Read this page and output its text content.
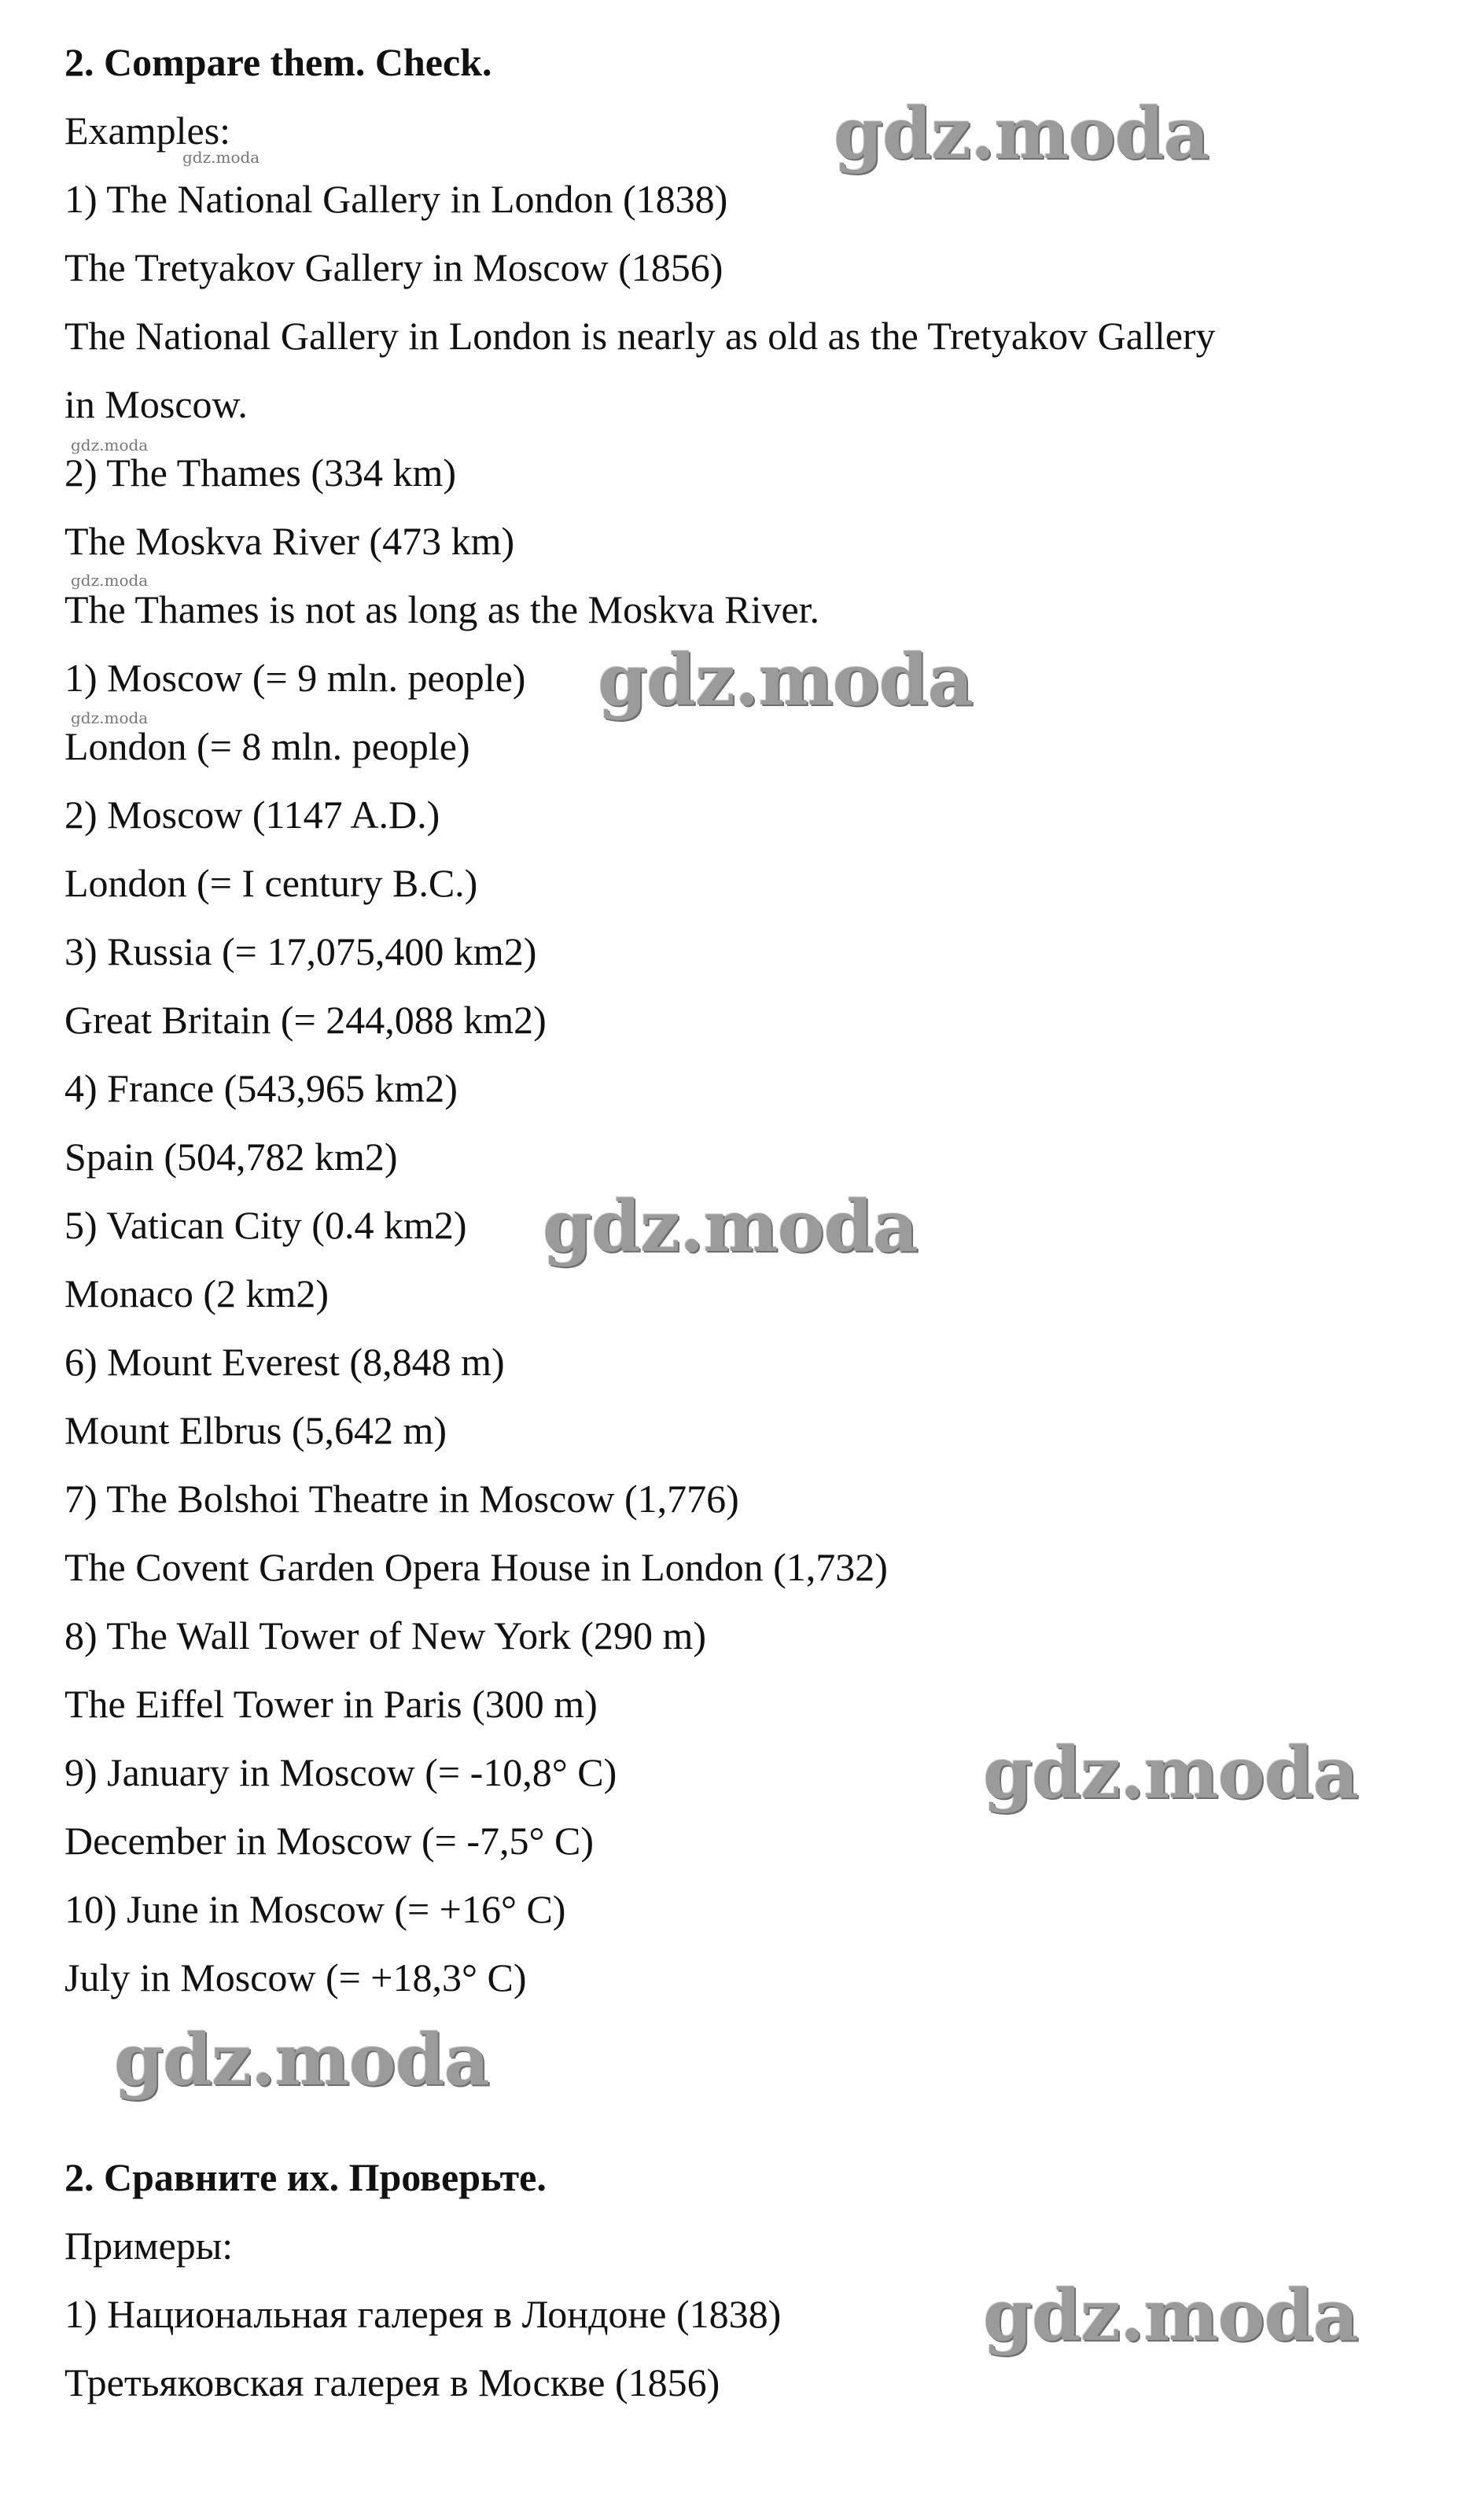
2. Compare them. Check.
Examples:
1) The National Gallery in London (1838)
The Tretyakov Gallery in Moscow (1856)
The National Gallery in London is nearly as old as the Tretyakov Gallery
in Moscow.
2) The Thames (334 km)
The Moskva River (473 km)
The Thames is not as long as the Moskva River.
1) Moscow (= 9 mln. people)
London (= 8 mln. people)
2) Moscow (1147 A.D.)
London (= I century B.C.)
3) Russia (= 17,075,400 km2)
Great Britain (= 244,088 km2)
4) France (543,965 km2)
Spain (504,782 km2)
5) Vatican City (0.4 km2)
Monaco (2 km2)
6) Mount Everest (8,848 m)
Mount Elbrus (5,642 m)
7) The Bolshoi Theatre in Moscow (1,776)
The Covent Garden Opera House in London (1,732)
8) The Wall Tower of New York (290 m)
The Eiffel Tower in Paris (300 m)
9) January in Moscow (= -10,8° C)
December in Moscow (= -7,5° C)
10) June in Moscow (= +16° C)
July in Moscow (= +18,3° C)
2. Сравните их. Проверьте.
Примеры:
1) Национальная галерея в Лондоне (1838)
Третьяковская галерея в Москве (1856)
gdz.moda
gdz.moda
gdz.moda
gdz.moda
gdz.moda	gdz.moda
gdz.moda
gdz.moda
gdz.moda
gdz.moda
